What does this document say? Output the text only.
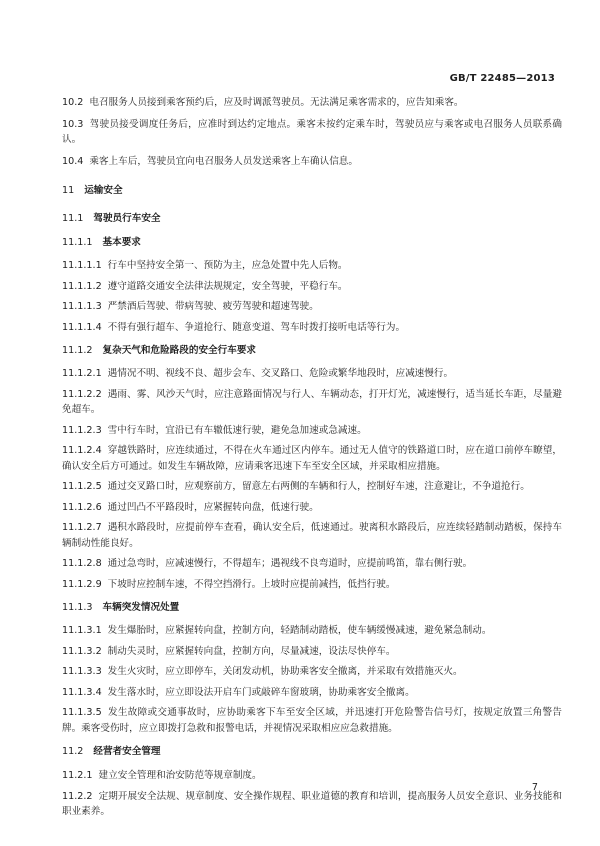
GB/T 22485—2013
10.2 电召服务人员接到乘客预约后，应及时调派驾驶员。无法满足乘客需求的，应告知乘客。
10.3 驾驶员接受调度任务后，应准时到达约定地点。乘客未按约定乘车时，驾驶员应与乘客或电召服务人员联系确认。
10.4 乘客上车后，驾驶员宜向电召服务人员发送乘客上车确认信息。
11 运输安全
11.1 驾驶员行车安全
11.1.1 基本要求
11.1.1.1 行车中坚持安全第一、预防为主，应急处置中先人后物。
11.1.1.2 遵守道路交通安全法律法规规定，安全驾驶，平稳行车。
11.1.1.3 严禁酒后驾驶、带病驾驶、疲劳驾驶和超速驾驶。
11.1.1.4 不得有强行超车、争道抢行、随意变道、驾车时拨打接听电话等行为。
11.1.2 复杂天气和危险路段的安全行车要求
11.1.2.1 遇情况不明、视线不良、超步会车、交叉路口、危险或繁华地段时，应减速慢行。
11.1.2.2 遇雨、雾、风沙天气时，应注意路面情况与行人、车辆动态，打开灯光，减速慢行，适当延长车距，尽量避免超车。
11.1.2.3 雪中行车时，宜沿已有车辙低速行驶，避免急加速或急减速。
11.1.2.4 穿越铁路时，应连续通过，不得在火车通过区内停车。通过无人值守的铁路道口时，应在道口前停车瞭望，确认安全后方可通过。如发生车辆故障，应请乘客迅速下车至安全区域，并采取相应措施。
11.1.2.5 通过交叉路口时，应观察前方，留意左右两侧的车辆和行人，控制好车速，注意避让，不争道抢行。
11.1.2.6 通过凹凸不平路段时，应紧握转向盘，低速行驶。
11.1.2.7 遇积水路段时，应提前停车查看，确认安全后，低速通过。驶离积水路段后，应连续轻踏制动踏板，保持车辆制动性能良好。
11.1.2.8 通过急弯时，应减速慢行，不得超车；遇视线不良弯道时，应提前鸣笛，靠右侧行驶。
11.1.2.9 下坡时应控制车速，不得空挡滑行。上坡时应提前减挡，低挡行驶。
11.1.3 车辆突发情况处置
11.1.3.1 发生爆胎时，应紧握转向盘，控制方向，轻踏制动踏板，使车辆缓慢减速，避免紧急制动。
11.1.3.2 制动失灵时，应紧握转向盘，控制方向，尽量减速，设法尽快停车。
11.1.3.3 发生火灾时，应立即停车，关闭发动机，协助乘客安全撤离，并采取有效措施灭火。
11.1.3.4 发生落水时，应立即设法开启车门或敲碎车窗玻璃，协助乘客安全撤离。
11.1.3.5 发生故障或交通事故时，应协助乘客下车至安全区域，并迅速打开危险警告信号灯，按规定放置三角警告牌。乘客受伤时，应立即拨打急救和报警电话，并视情况采取相应应急救措施。
11.2 经营者安全管理
11.2.1 建立安全管理和治安防范等规章制度。
11.2.2 定期开展安全法规、规章制度、安全操作规程、职业道德的教育和培训，提高服务人员安全意识、业务技能和职业素养。
7
